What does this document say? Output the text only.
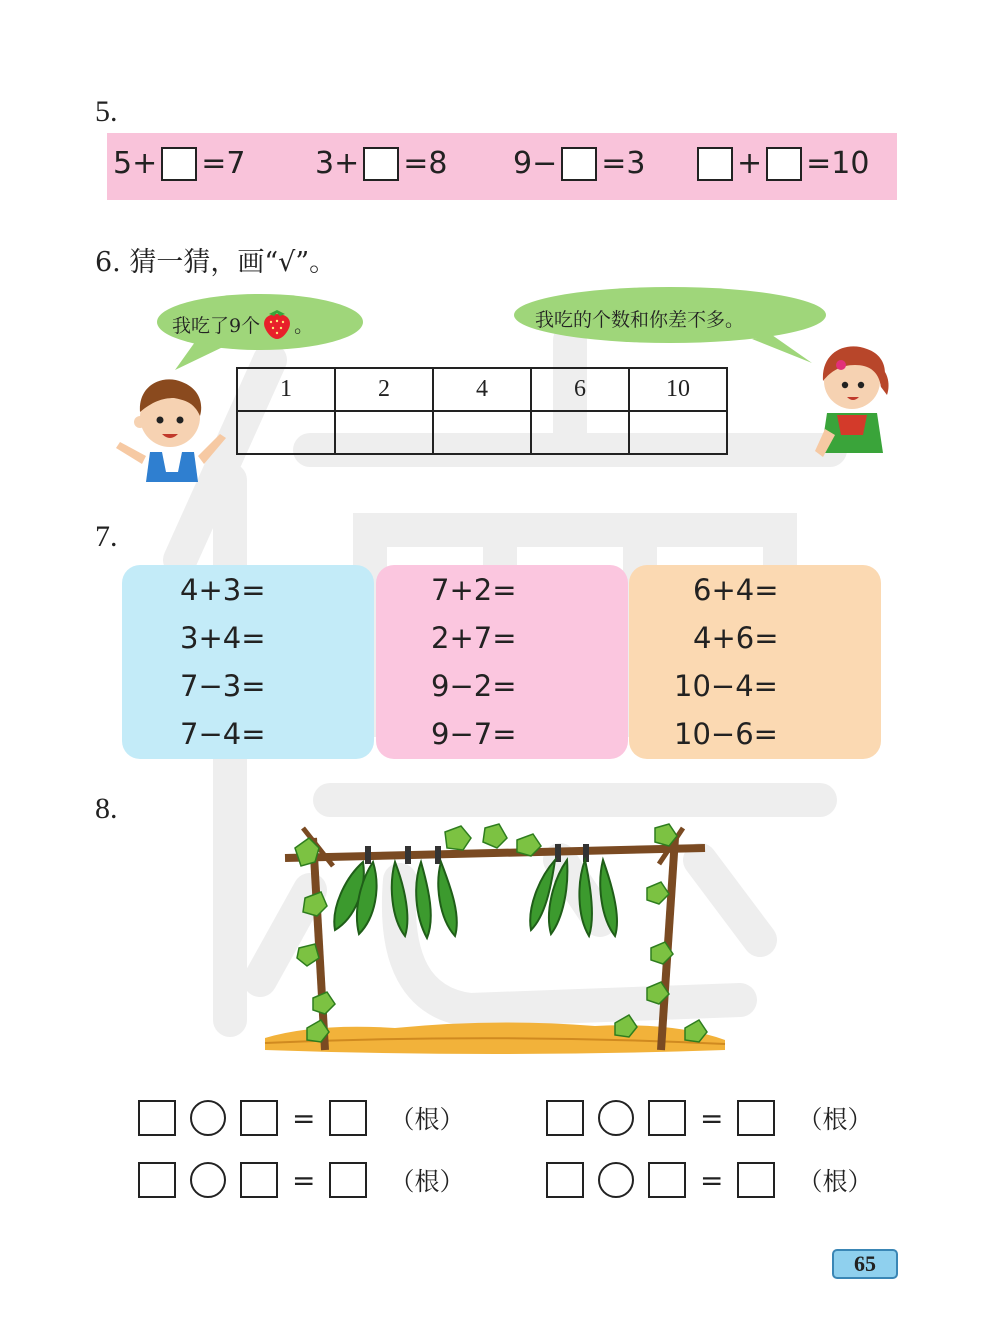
5.
5+ =7 3+ =8 9− =3	+ =10
6. 猜一猜，画“√”。
我吃了9个 。	我吃的个数和你差不多。
1	2	4	6	10

7.
4+3=
3+4=
7−3=
7−4=
7+2=
2+7=
9−2=
9−7=
6+4=
4+6=
10−4=
10−6=
8.
=	（根）	=	（根）
=	（根）	=	（根）
65
